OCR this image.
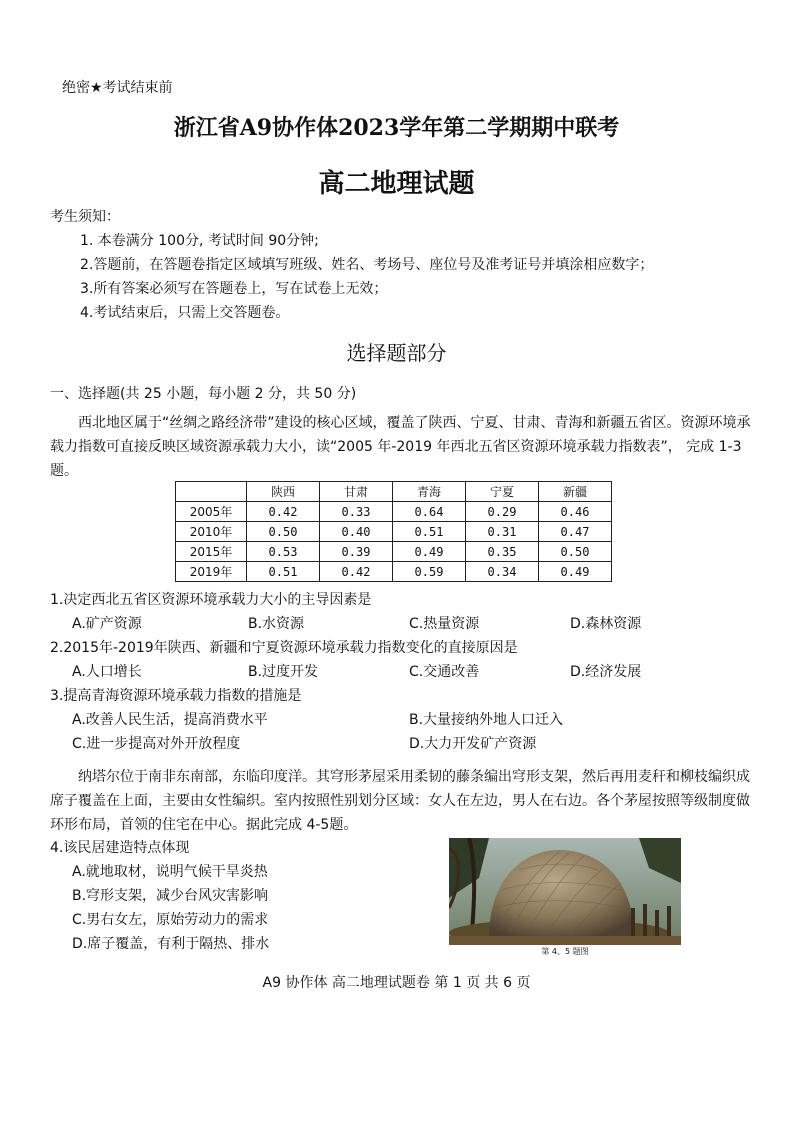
绝密★考试结束前
浙江省A9协作体2023学年第二学期期中联考
高二地理试题
考生须知：
1. 本卷满分 100分, 考试时间 90分钟;
2.答题前，在答题卷指定区域填写班级、姓名、考场号、座位号及准考证号并填涂相应数字；
3.所有答案必须写在答题卷上，写在试卷上无效；
4.考试结束后，只需上交答题卷。
选择题部分
一、选择题(共 25 小题，每小题 2 分，共 50 分)
西北地区属于“丝绸之路经济带”建设的核心区域，覆盖了陕西、宁夏、甘肃、青海和新疆五省区。资源环境承载力指数可直接反映区域资源承载力大小，读“2005 年-2019 年西北五省区资源环境承载力指数表”， 完成 1-3 题。
	陕西	甘肃	青海	宁夏	新疆
2005年	0.42	0.33	0.64	0.29	0.46
2010年	0.50	0.40	0.51	0.31	0.47
2015年	0.53	0.39	0.49	0.35	0.50
2019年	0.51	0.42	0.59	0.34	0.49
1.决定西北五省区资源环境承载力大小的主导因素是
A.矿产资源	B.水资源	C.热量资源	D.森林资源
2.2015年-2019年陕西、新疆和宁夏资源环境承载力指数变化的直接原因是
A.人口增长	B.过度开发	C.交通改善	D.经济发展
3.提高青海资源环境承载力指数的措施是
A.改善人民生活，提高消费水平	B.大量接纳外地人口迁入
C.进一步提高对外开放程度	D.大力开发矿产资源
纳塔尔位于南非东南部，东临印度洋。其穹形茅屋采用柔韧的藤条编出穹形支架，然后再用麦秆和柳枝编织成席子覆盖在上面，主要由女性编织。室内按照性别划分区域：女人在左边，男人在右边。各个茅屋按照等级制度做环形布局，首领的住宅在中心。据此完成 4-5题。
4.该民居建造特点体现
A.就地取材，说明气候干旱炎热
B.穹形支架，减少台风灾害影响
C.男右女左，原始劳动力的需求
D.席子覆盖，有利于隔热、排水	第 4、5 题图
A9 协作体 高二地理试题卷 第 1 页 共 6 页
